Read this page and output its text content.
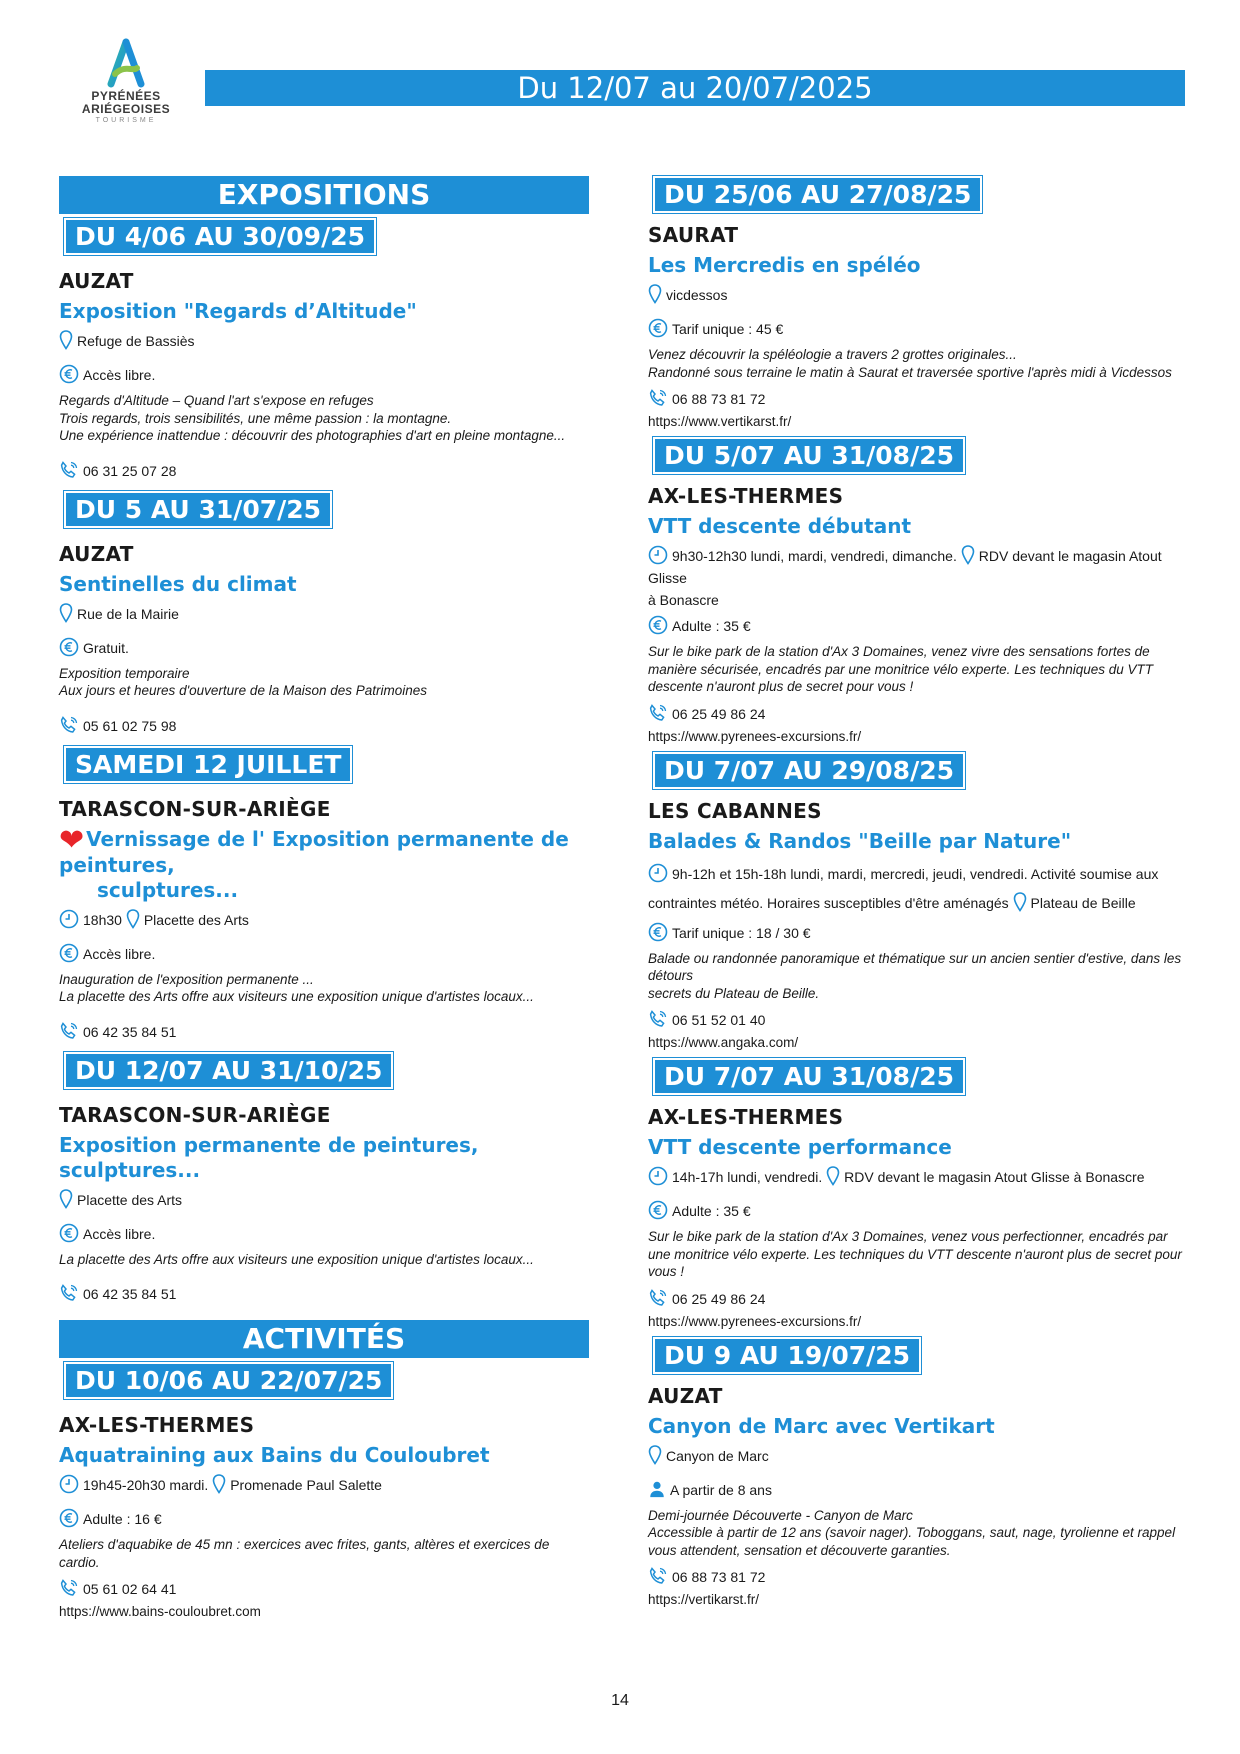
PYRÉNÉES
ARIÉGEOISES
TOURISME
Du 12/07 au 20/07/2025
EXPOSITIONS
DU 4/06 AU 30/09/25
AUZAT
Exposition "Regards d’Altitude"
Refuge de Bassiès
Accès libre.
Regards d'Altitude – Quand l'art s'expose en refuges
Trois regards, trois sensibilités, une même passion : la montagne.
Une expérience inattendue : découvrir des photographies d'art en pleine montagne...
06 31 25 07 28
DU 5 AU 31/07/25
AUZAT
Sentinelles du climat
Rue de la Mairie
Gratuit.
Exposition temporaire
Aux jours et heures d'ouverture de la Maison des Patrimoines
05 61 02 75 98
SAMEDI 12 JUILLET
TARASCON-SUR-ARIÈGE
❤ Vernissage de l' Exposition permanente de peintures,
sculptures...
18h30 Placette des Arts
Accès libre.
Inauguration de l'exposition permanente ...
La placette des Arts offre aux visiteurs une exposition unique d'artistes locaux...
06 42 35 84 51
DU 12/07 AU 31/10/25
TARASCON-SUR-ARIÈGE
Exposition permanente de peintures, sculptures...
Placette des Arts
Accès libre.
La placette des Arts offre aux visiteurs une exposition unique d'artistes locaux...
06 42 35 84 51
ACTIVITÉS
DU 10/06 AU 22/07/25
AX-LES-THERMES
Aquatraining aux Bains du Couloubret
19h45-20h30 mardi. Promenade Paul Salette
Adulte : 16 €
Ateliers d'aquabike de 45 mn : exercices avec frites, gants, altères et exercices de cardio.
05 61 02 64 41
https://www.bains-couloubret.com
DU 25/06 AU 27/08/25
SAURAT
Les Mercredis en spéléo
vicdessos
Tarif unique : 45 €
Venez découvrir la spéléologie a travers 2 grottes originales...
Randonné sous terraine le matin à Saurat et traversée sportive l'après midi à Vicdessos
06 88 73 81 72
https://www.vertikarst.fr/
DU 5/07 AU 31/08/25
AX-LES-THERMES
VTT descente débutant
9h30-12h30 lundi, mardi, vendredi, dimanche. RDV devant le magasin Atout Glisse
à Bonascre
Adulte : 35 €
Sur le bike park de la station d'Ax 3 Domaines, venez vivre des sensations fortes de manière sécurisée, encadrés par une monitrice vélo experte. Les techniques du VTT descente n'auront plus de secret pour vous !
06 25 49 86 24
https://www.pyrenees-excursions.fr/
DU 7/07 AU 29/08/25
LES CABANNES
Balades & Randos "Beille par Nature"
9h-12h et 15h-18h lundi, mardi, mercredi, jeudi, vendredi. Activité soumise aux
contraintes météo. Horaires susceptibles d'être aménagés Plateau de Beille
Tarif unique : 18 / 30 €
Balade ou randonnée panoramique et thématique sur un ancien sentier d'estive, dans les détours
secrets du Plateau de Beille.
06 51 52 01 40
https://www.angaka.com/
DU 7/07 AU 31/08/25
AX-LES-THERMES
VTT descente performance
14h-17h lundi, vendredi. RDV devant le magasin Atout Glisse à Bonascre
Adulte : 35 €
Sur le bike park de la station d'Ax 3 Domaines, venez vous perfectionner, encadrés par une monitrice vélo experte. Les techniques du VTT descente n'auront plus de secret pour vous !
06 25 49 86 24
https://www.pyrenees-excursions.fr/
DU 9 AU 19/07/25
AUZAT
Canyon de Marc avec Vertikart
Canyon de Marc
A partir de 8 ans
Demi-journée Découverte - Canyon de Marc
Accessible à partir de 12 ans (savoir nager). Toboggans, saut, nage, tyrolienne et rappel vous attendent, sensation et découverte garanties.
06 88 73 81 72
https://vertikarst.fr/
14
